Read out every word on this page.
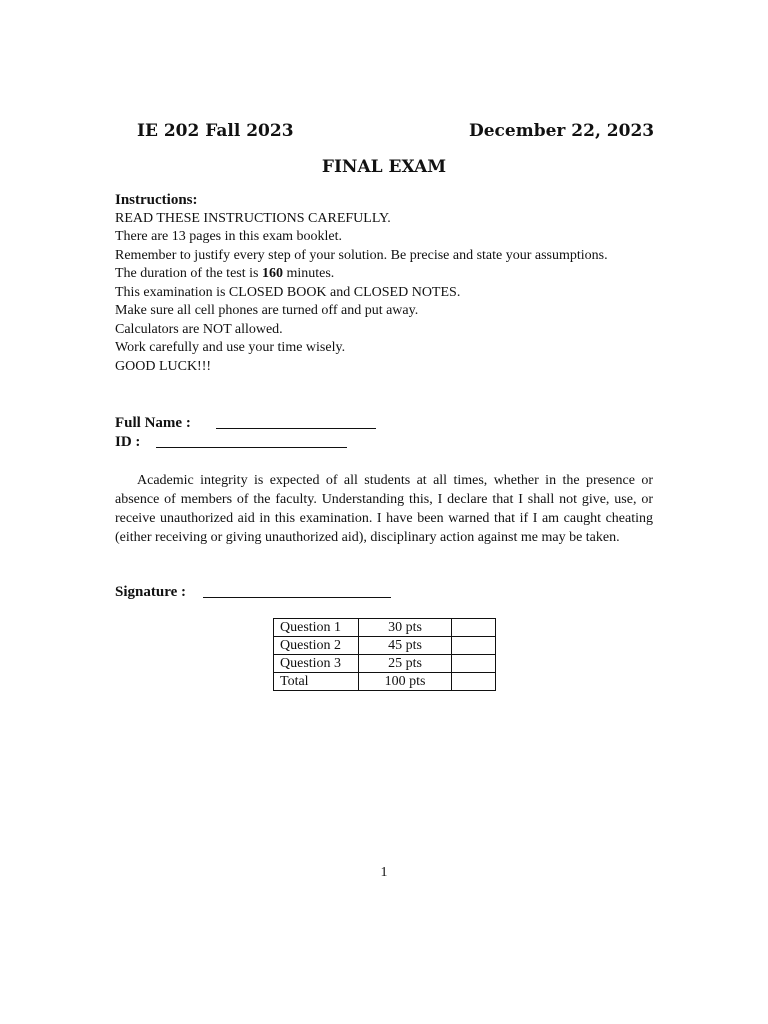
IE 202 Fall 2023	December 22, 2023
FINAL EXAM
Instructions:
READ THESE INSTRUCTIONS CAREFULLY.
There are 13 pages in this exam booklet.
Remember to justify every step of your solution. Be precise and state your assumptions.
The duration of the test is 160 minutes.
This examination is CLOSED BOOK and CLOSED NOTES.
Make sure all cell phones are turned off and put away.
Calculators are NOT allowed.
Work carefully and use your time wisely.
GOOD LUCK!!!
Full Name :
ID :
Academic integrity is expected of all students at all times, whether in the presence or absence of members of the faculty. Understanding this, I declare that I shall not give, use, or receive unauthorized aid in this examination. I have been warned that if I am caught cheating (either receiving or giving unauthorized aid), disciplinary action against me may be taken.
Signature :
Question 1	30 pts	
Question 2	45 pts	
Question 3	25 pts	
Total	100 pts	
1
